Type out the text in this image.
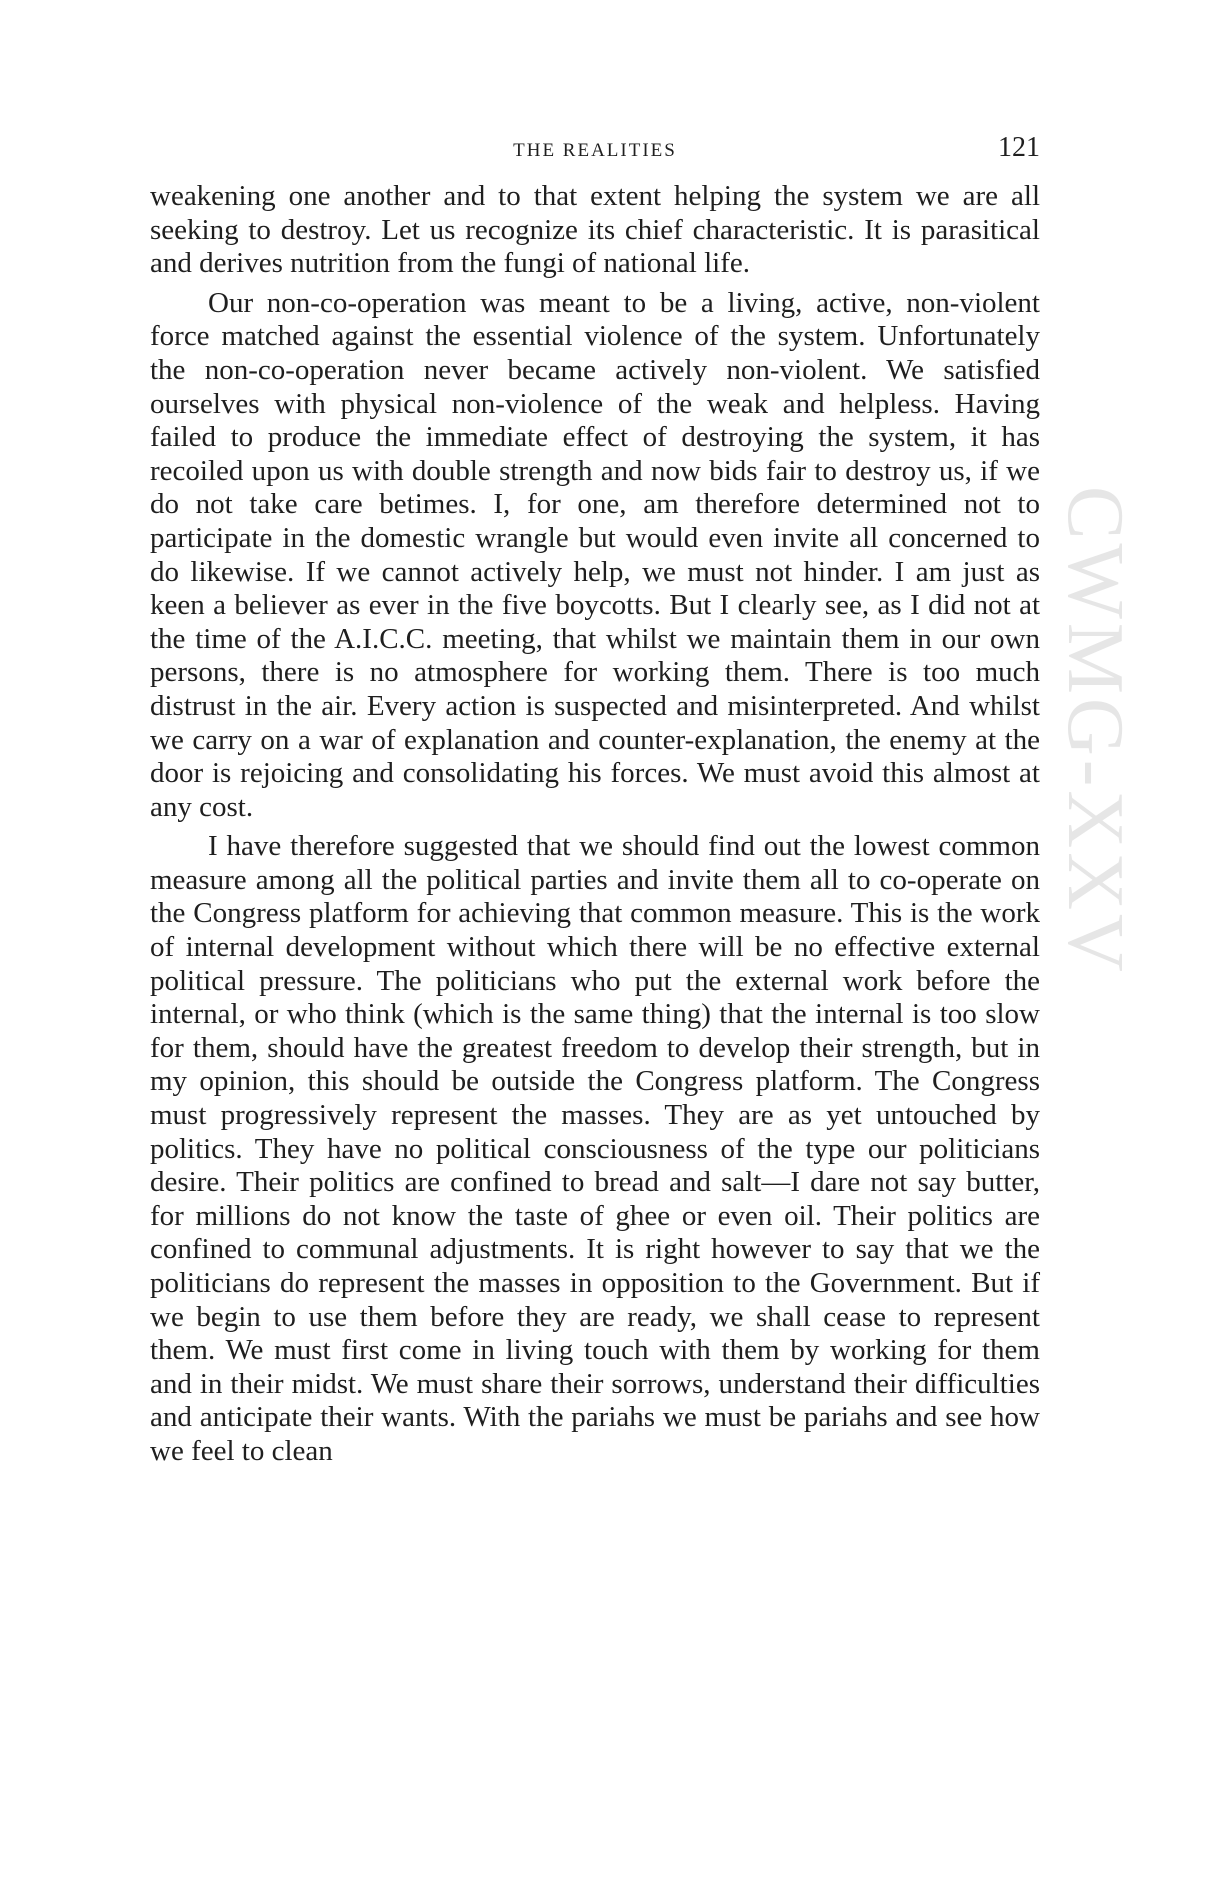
THE REALITIES	121

weakening one another and to that extent helping the system we are all seeking to destroy. Let us recognize its chief characteristic. It is parasitical and derives nutrition from the fungi of national life.

Our non-co-operation was meant to be a living, active, non-violent force matched against the essential violence of the system. Unfortunately the non-co-operation never became actively non-violent. We satisfied ourselves with physical non-violence of the weak and helpless. Having failed to produce the immediate effect of destroying the system, it has recoiled upon us with double strength and now bids fair to destroy us, if we do not take care betimes. I, for one, am therefore determined not to participate in the domestic wrangle but would even invite all concerned to do likewise. If we cannot actively help, we must not hinder. I am just as keen a believer as ever in the five boycotts. But I clearly see, as I did not at the time of the A.I.C.C. meeting, that whilst we maintain them in our own persons, there is no atmosphere for working them. There is too much distrust in the air. Every action is suspected and misinterpreted. And whilst we carry on a war of explanation and counter-explanation, the enemy at the door is rejoicing and consolidating his forces. We must avoid this almost at any cost.

I have therefore suggested that we should find out the lowest common measure among all the political parties and invite them all to co-operate on the Congress platform for achieving that common measure. This is the work of internal development without which there will be no effective external political pressure. The politicians who put the external work before the internal, or who think (which is the same thing) that the internal is too slow for them, should have the greatest freedom to develop their strength, but in my opinion, this should be outside the Congress platform. The Congress must progressively represent the masses. They are as yet untouched by politics. They have no political consciousness of the type our politicians desire. Their politics are confined to bread and salt—I dare not say butter, for millions do not know the taste of ghee or even oil. Their politics are confined to communal adjustments. It is right however to say that we the politicians do represent the masses in opposition to the Government. But if we begin to use them before they are ready, we shall cease to represent them. We must first come in living touch with them by working for them and in their midst. We must share their sorrows, understand their difficulties and anticipate their wants. With the pariahs we must be pariahs and see how we feel to clean

CWMG-XXV
